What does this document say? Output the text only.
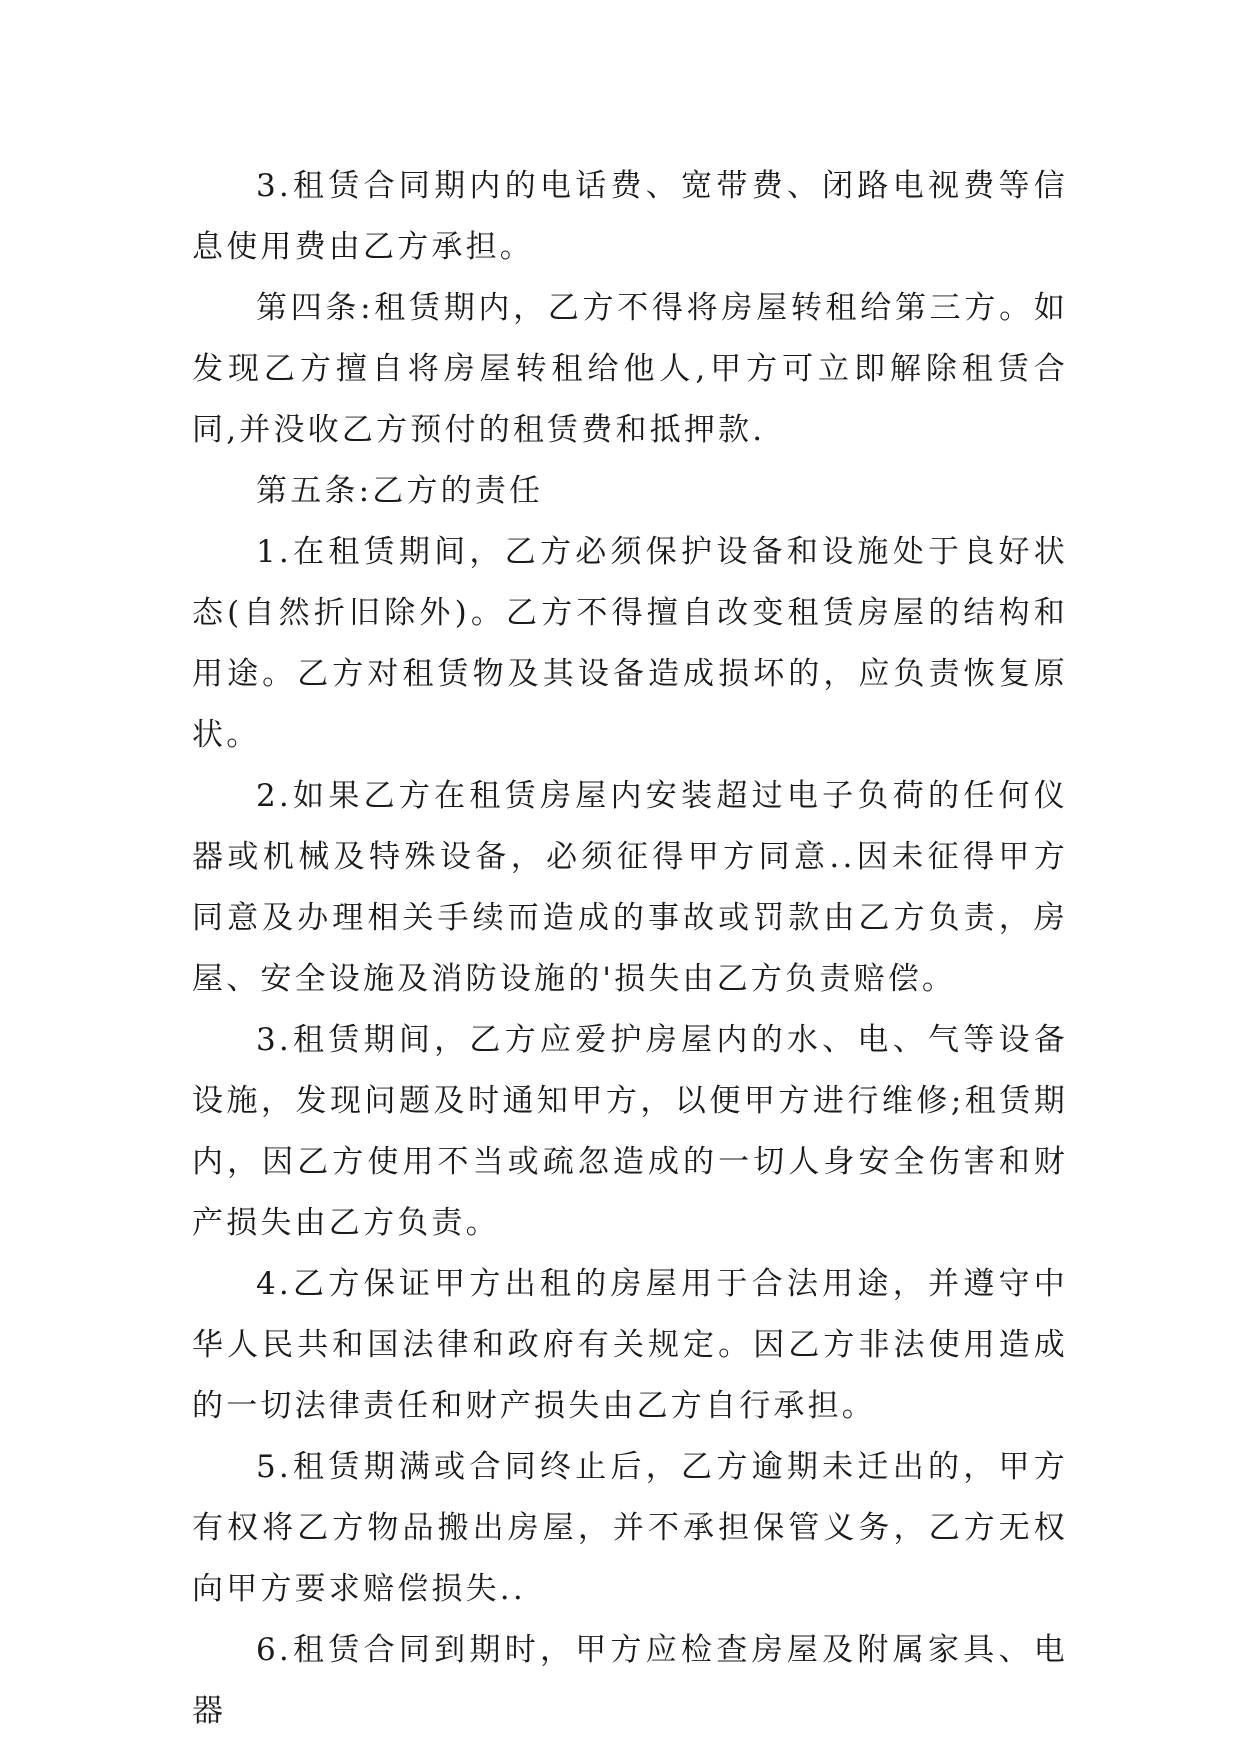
3.租赁合同期内的电话费、宽带费、闭路电视费等信息使用费由乙方承担。

第四条:租赁期内，乙方不得将房屋转租给第三方。如发现乙方擅自将房屋转租给他人,甲方可立即解除租赁合同,并没收乙方预付的租赁费和抵押款.

第五条:乙方的责任

1.在租赁期间，乙方必须保护设备和设施处于良好状态(自然折旧除外)。乙方不得擅自改变租赁房屋的结构和用途。乙方对租赁物及其设备造成损坏的，应负责恢复原状。

2.如果乙方在租赁房屋内安装超过电子负荷的任何仪器或机械及特殊设备，必须征得甲方同意..因未征得甲方同意及办理相关手续而造成的事故或罚款由乙方负责，房屋、安全设施及消防设施的'损失由乙方负责赔偿。

3.租赁期间，乙方应爱护房屋内的水、电、气等设备设施，发现问题及时通知甲方，以便甲方进行维修;租赁期内，因乙方使用不当或疏忽造成的一切人身安全伤害和财产损失由乙方负责。

4.乙方保证甲方出租的房屋用于合法用途，并遵守中华人民共和国法律和政府有关规定。因乙方非法使用造成的一切法律责任和财产损失由乙方自行承担。

5.租赁期满或合同终止后，乙方逾期未迁出的，甲方有权将乙方物品搬出房屋，并不承担保管义务，乙方无权向甲方要求赔偿损失..

6.租赁合同到期时，甲方应检查房屋及附属家具、电器
